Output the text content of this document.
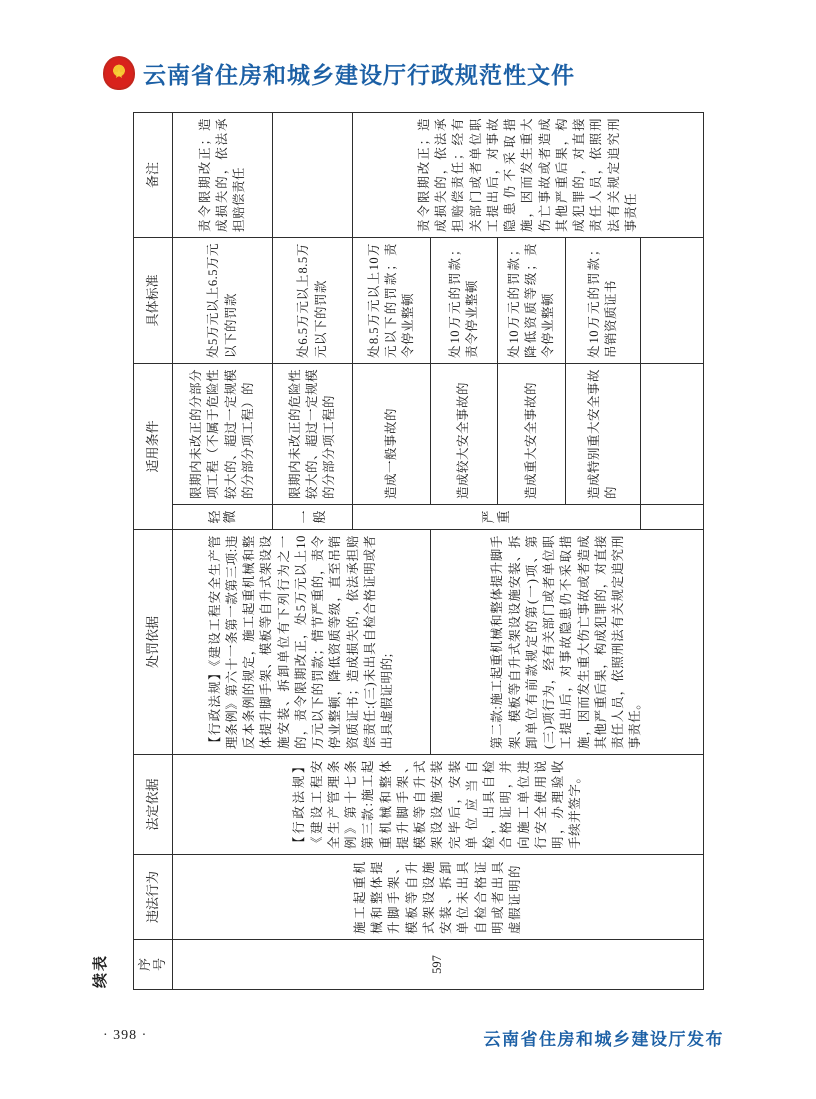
★ 云南省住房和城乡建设厅行政规范性文件
续表 序号	违法行为	法定依据	处罚依据	适用条件		具体标准	备注
597	施工起重机械和整体提升脚手架、模板等自升式架设设施安装、拆卸单位未出具自检合格证明或者出具虚假证明的	【行政法规】《建设工程安全生产管理条例》第十七条第三款:施工起重机械和整体提升脚手架、模板等自升式架设设施安装完毕后，安装单位应当自检，出具自检合格证明，并向施工单位进行安全使用说明，办理验收手续并签字。	【行政法规】《建设工程安全生产管理条例》第六十一条第一款第三项:违反本条例的规定，施工起重机械和整体提升脚手架、模板等自升式架设设施安装、拆卸单位有下列行为之一的，责令限期改正，处5万元以上10万元以下的罚款；情节严重的，责令停业整顿，降低资质等级，直至吊销资质证书；造成损失的，依法承担赔偿责任:(三)未出具自检合格证明或者出具虚假证明的;	轻微	限期内未改正的分部分项工程（不属于危险性较大的、超过一定规模的分部分项工程）的	处5万元以上6.5万元以下的罚款	责令限期改正；造成损失的，依法承担赔偿责任
				一般	限期内未改正的危险性较大的、超过一定规模的分部分项工程的	处6.5万元以上8.5万元以下的罚款	
				严重	造成一般事故的	处8.5万元以上10万元以下的罚款；责令停业整顿	责令限期改正；造成损失的，依法承担赔偿责任；经有关部门或者单位职工提出后，对事故隐患仍不采取措施，因而发生重大伤亡事故或者造成其他严重后果，构成犯罪的，对直接责任人员，依照刑法有关规定追究刑事责任
			第二款:施工起重机械和整体提升脚手架、模板等自升式架设设施安装、拆卸单位有前款规定的第(一)项、第(三)项行为，经有关部门或者单位职工提出后，对事故隐患仍不采取措施，因而发生重大伤亡事故或者造成其他严重后果，构成犯罪的，对直接责任人员，依照刑法有关规定追究刑事责任。		造成较大安全事故的	处10万元的罚款；责令停业整顿	
					造成重大安全事故的	处10万元的罚款；降低资质等级；责令停业整顿	
					造成特别重大安全事故的	处10万元的罚款；吊销资质证书	

· 398 ·	云南省住房和城乡建设厅发布
